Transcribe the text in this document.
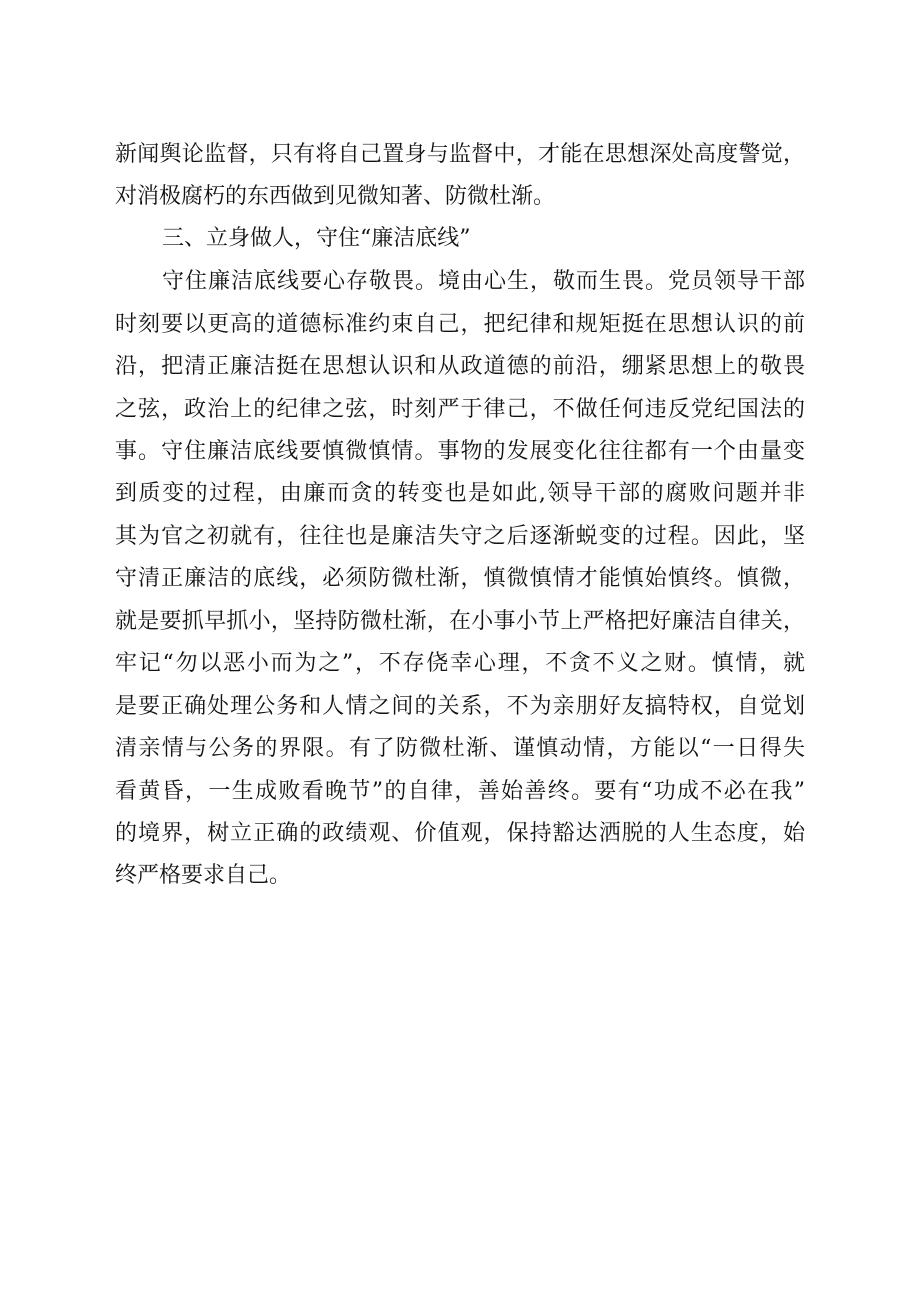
新闻舆论监督，只有将自己置身与监督中，才能在思想深处高度警觉，
对消极腐朽的东西做到见微知著、防微杜渐。
三、立身做人，守住“廉洁底线”
守住廉洁底线要心存敬畏。境由心生，敬而生畏。党员领导干部
时刻要以更高的道德标准约束自己，把纪律和规矩挺在思想认识的前
沿，把清正廉洁挺在思想认识和从政道德的前沿，绷紧思想上的敬畏
之弦，政治上的纪律之弦，时刻严于律己，不做任何违反党纪国法的
事。守住廉洁底线要慎微慎情。事物的发展变化往往都有一个由量变
到质变的过程，由廉而贪的转变也是如此,领导干部的腐败问题并非
其为官之初就有，往往也是廉洁失守之后逐渐蜕变的过程。因此，坚
守清正廉洁的底线，必须防微杜渐，慎微慎情才能慎始慎终。慎微，
就是要抓早抓小，坚持防微杜渐，在小事小节上严格把好廉洁自律关，
牢记“勿以恶小而为之”，不存侥幸心理，不贪不义之财。慎情，就
是要正确处理公务和人情之间的关系，不为亲朋好友搞特权，自觉划
清亲情与公务的界限。有了防微杜渐、谨慎动情，方能以“一日得失
看黄昏，一生成败看晚节”的自律，善始善终。要有“功成不必在我”
的境界，树立正确的政绩观、价值观，保持豁达洒脱的人生态度，始
终严格要求自己。
